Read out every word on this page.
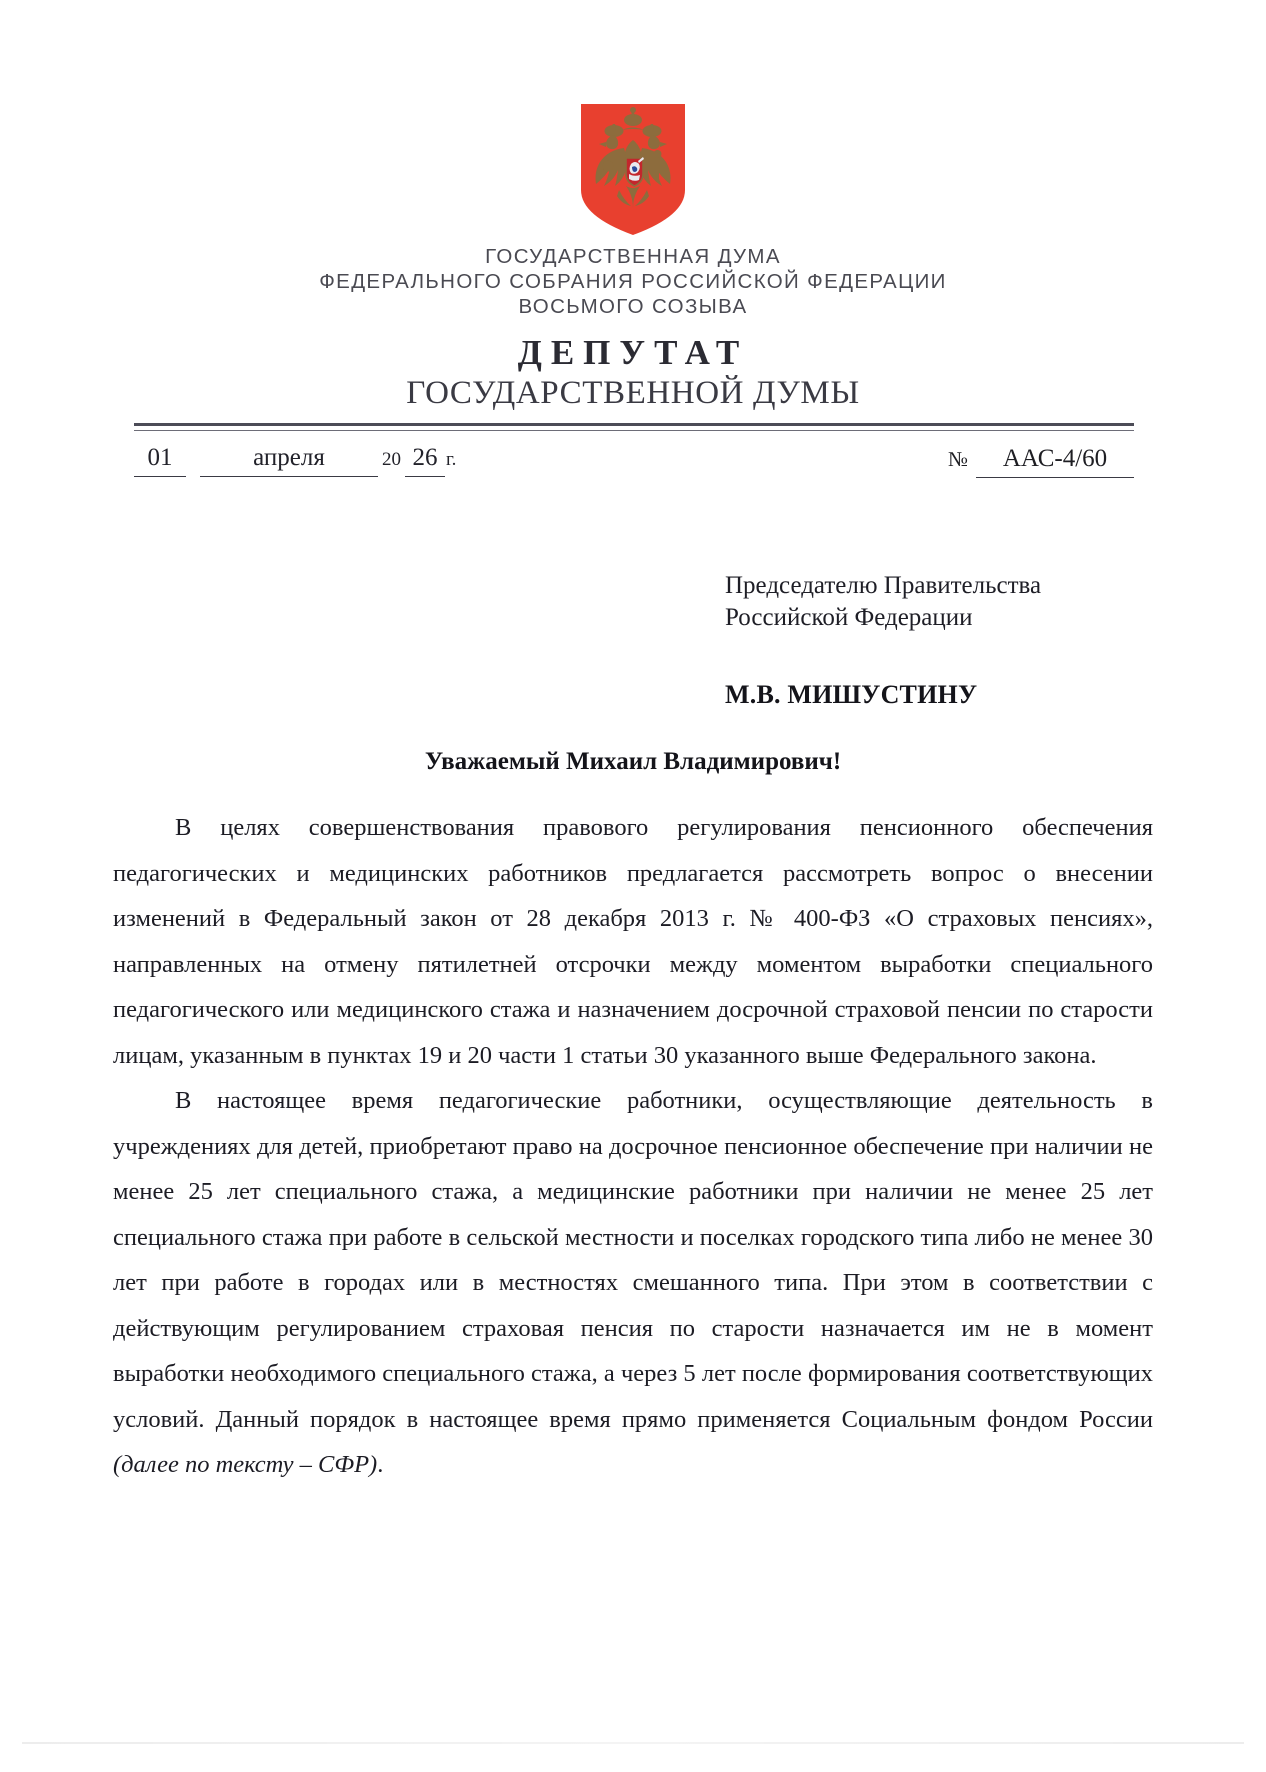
ГОСУДАРСТВЕННАЯ ДУМА
ФЕДЕРАЛЬНОГО СОБРАНИЯ РОССИЙСКОЙ ФЕДЕРАЦИИ
ВОСЬМОГО СОЗЫВА
ДЕПУТАТ
ГОСУДАРСТВЕННОЙ ДУМЫ
01	апреля	20 26 г.	№	ААС-4/60
Председателю Правительства
Российской Федерации
М.В. МИШУСТИНУ
Уважаемый Михаил Владимирович!

В целях совершенствования правового регулирования пенсионного обеспечения педагогических и медицинских работников предлагается рассмотреть вопрос о внесении изменений в Федеральный закон от 28 декабря 2013 г. № 400-ФЗ «О страховых пенсиях», направленных на отмену пятилетней отсрочки между моментом выработки специального педагогического или медицинского стажа и назначением досрочной страховой пенсии по старости лицам, указанным в пунктах 19 и 20 части 1 статьи 30 указанного выше Федерального закона.

В настоящее время педагогические работники, осуществляющие деятельность в учреждениях для детей, приобретают право на досрочное пенсионное обеспечение при наличии не менее 25 лет специального стажа, а медицинские работники при наличии не менее 25 лет специального стажа при работе в сельской местности и поселках городского типа либо не менее 30 лет при работе в городах или в местностях смешанного типа. При этом в соответствии с действующим регулированием страховая пенсия по старости назначается им не в момент выработки необходимого специального стажа, а через 5 лет после формирования соответствующих условий. Данный порядок в настоящее время прямо применяется Социальным фондом России (далее по тексту – СФР).
